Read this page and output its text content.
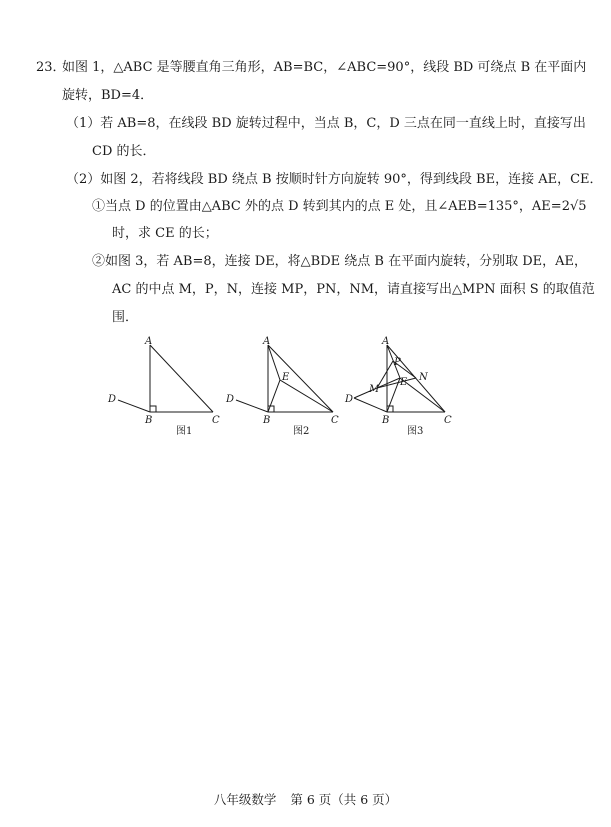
23．
如图 1，△ABC 是等腰直角三角形，AB=BC，∠ABC=90°，线段 BD 可绕点 B 在平面内
旋转，BD=4．
（1）若 AB=8，在线段 BD 旋转过程中，当点 B，C，D 三点在同一直线上时，直接写出
CD 的长．
（2）如图 2，若将线段 BD 绕点 B 按顺时针方向旋转 90°，得到线段 BE，连接 AE，CE．
①当点 D 的位置由△ABC 外的点 D 转到其内的点 E 处，且∠AEB=135°，AE=2√5
时，求 CE 的长；
②如图 3，若 AB=8，连接 DE，将△BDE 绕点 B 在平面内旋转，分别取 DE，AE，
AC 的中点 M，P，N，连接 MP，PN，NM，请直接写出△MPN 面积 S 的取值范
围．
A
B	C
D
图1
A
B	C
D
E
图2
A
B	C
D
E
M
N
P
图3
八年级数学 第 6 页（共 6 页）
